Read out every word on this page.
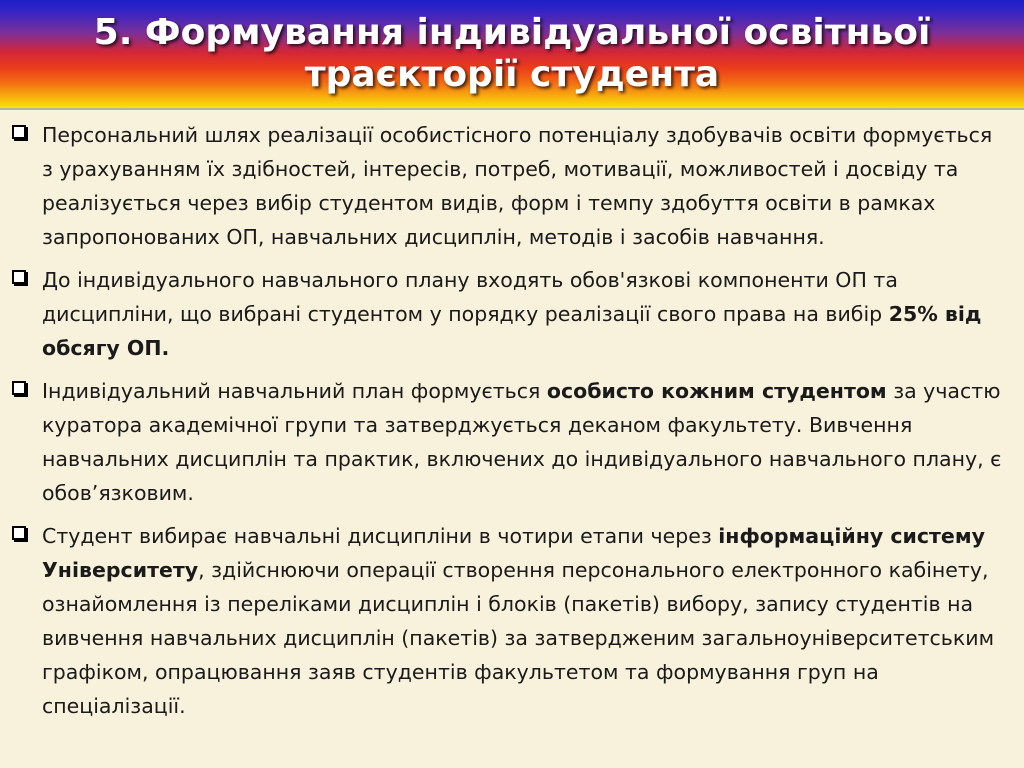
5. Формування індивідуальної освітньої
траєкторії студента
Персональний шлях реалізації особистісного потенціалу здобувачів освіти формується з урахуванням їх здібностей, інтересів, потреб, мотивації, можливостей і досвіду та реалізується через вибір студентом видів, форм і темпу здобуття освіти в рамках запропонованих ОП, навчальних дисциплін, методів і засобів навчання.
До індивідуального навчального плану входять обов'язкові компоненти ОП та дисципліни, що вибрані студентом у порядку реалізації свого права на вибір 25% від обсягу ОП.
Індивідуальний навчальний план формується особисто кожним студентом за участю куратора академічної групи та затверджується деканом факультету. Вивчення навчальних дисциплін та практик, включених до індивідуального навчального плану, є обов’язковим.
Студент вибирає навчальні дисципліни в чотири етапи через інформаційну систему Університету, здійснюючи операції створення персонального електронного кабінету, ознайомлення із переліками дисциплін і блоків (пакетів) вибору, запису студентів на вивчення навчальних дисциплін (пакетів) за затвердженим загальноуніверситетським графіком, опрацювання заяв студентів факультетом та формування груп на спеціалізації.
